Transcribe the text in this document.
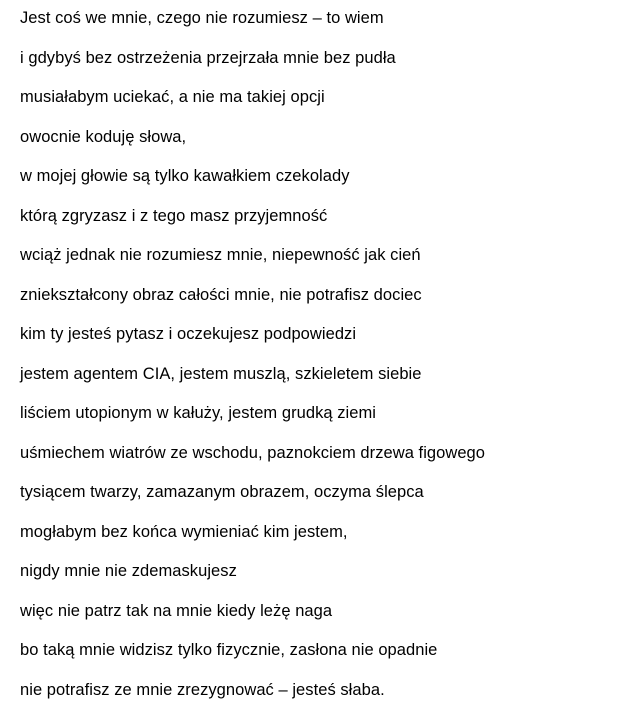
Jest coś we mnie, czego nie rozumiesz – to wiem
i gdybyś bez ostrzeżenia przejrzała mnie bez pudła
musiałabym uciekać, a nie ma takiej opcji
owocnie koduję słowa,
w mojej głowie są tylko kawałkiem czekolady
którą zgryzasz i z tego masz przyjemność
wciąż jednak nie rozumiesz mnie, niepewność jak cień
zniekształcony obraz całości mnie, nie potrafisz dociec
kim ty jesteś pytasz i oczekujesz podpowiedzi
jestem agentem CIA, jestem muszlą, szkieletem siebie
liściem utopionym w kałuży, jestem grudką ziemi
uśmiechem wiatrów ze wschodu, paznokciem drzewa figowego
tysiącem twarzy, zamazanym obrazem, oczyma ślepca
mogłabym bez końca wymieniać kim jestem,
nigdy mnie nie zdemaskujesz
więc nie patrz tak na mnie kiedy leżę naga
bo taką mnie widzisz tylko fizycznie, zasłona nie opadnie
nie potrafisz ze mnie zrezygnować – jesteś słaba.
